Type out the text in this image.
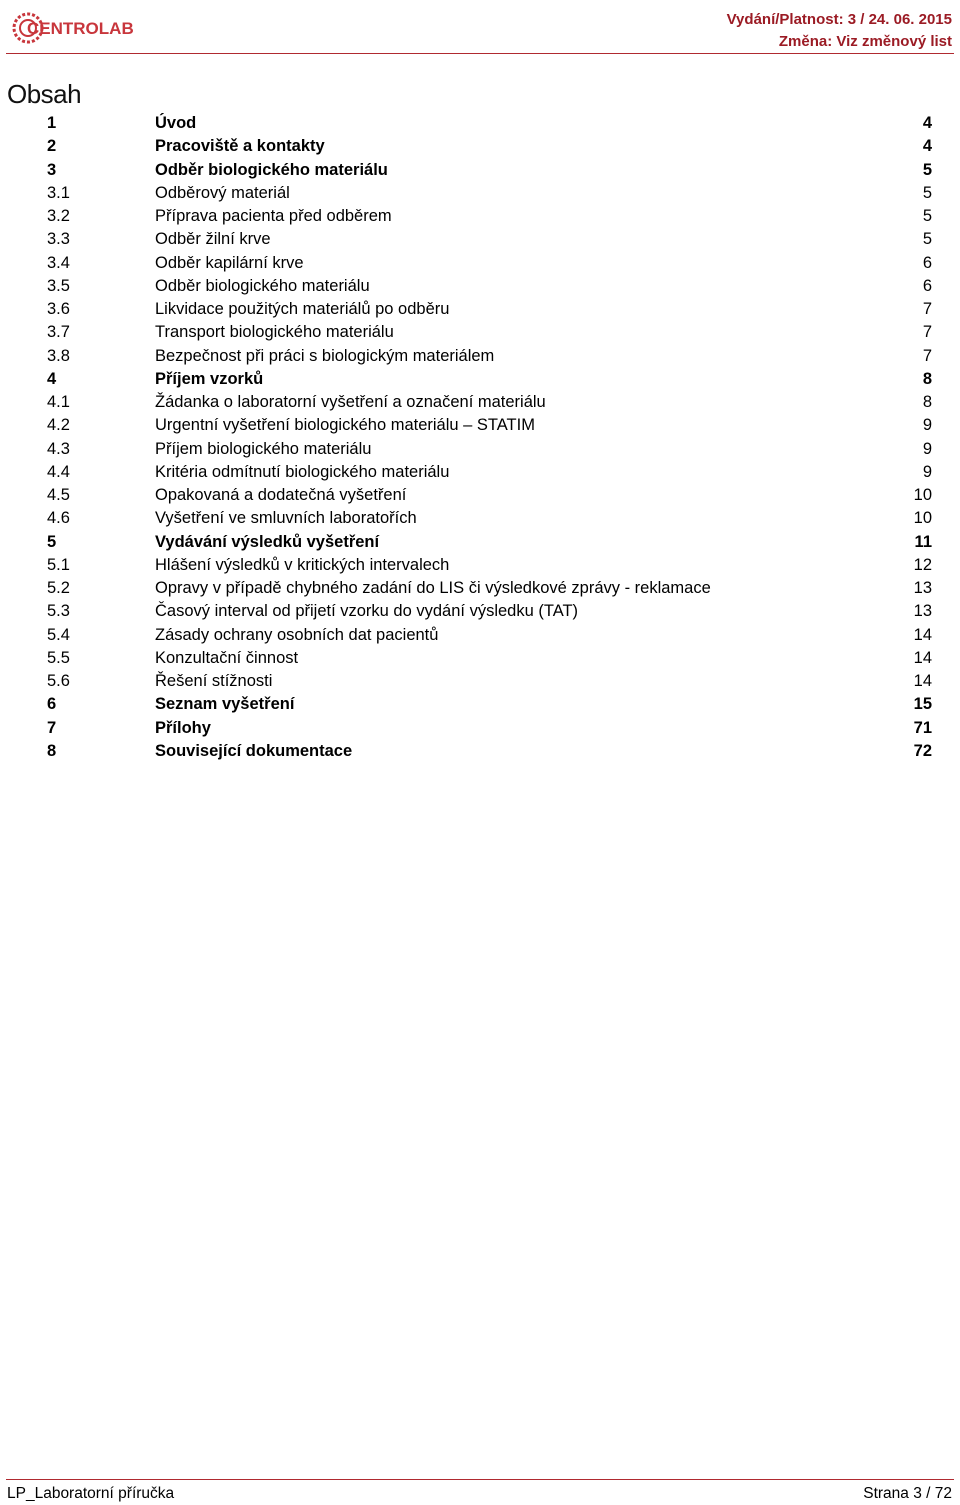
CENTROLAB	Vydání/Platnost: 3 / 24. 06. 2015
Změna: Viz změnový list
Obsah
1	Úvod	4
2	Pracoviště a kontakty	4
3	Odběr biologického materiálu	5
3.1	Odběrový materiál	5
3.2	Příprava pacienta před odběrem	5
3.3	Odběr žilní krve	5
3.4	Odběr kapilární krve	6
3.5	Odběr biologického materiálu	6
3.6	Likvidace použitých materiálů po odběru	7
3.7	Transport biologického materiálu	7
3.8	Bezpečnost při práci s biologickým materiálem	7
4	Příjem vzorků	8
4.1	Žádanka o laboratorní vyšetření a označení materiálu	8
4.2	Urgentní vyšetření biologického materiálu – STATIM	9
4.3	Příjem biologického materiálu	9
4.4	Kritéria odmítnutí biologického materiálu	9
4.5	Opakovaná a dodatečná vyšetření	10
4.6	Vyšetření ve smluvních laboratořích	10
5	Vydávání výsledků vyšetření	11
5.1	Hlášení výsledků v kritických intervalech	12
5.2	Opravy v případě chybného zadání do LIS či výsledkové zprávy - reklamace	13
5.3	Časový interval od přijetí vzorku do vydání výsledku (TAT)	13
5.4	Zásady ochrany osobních dat pacientů	14
5.5	Konzultační činnost	14
5.6	Řešení stížnosti	14
6	Seznam vyšetření	15
7	Přílohy	71
8	Související dokumentace	72
LP_Laboratorní příručka	Strana 3 / 72
